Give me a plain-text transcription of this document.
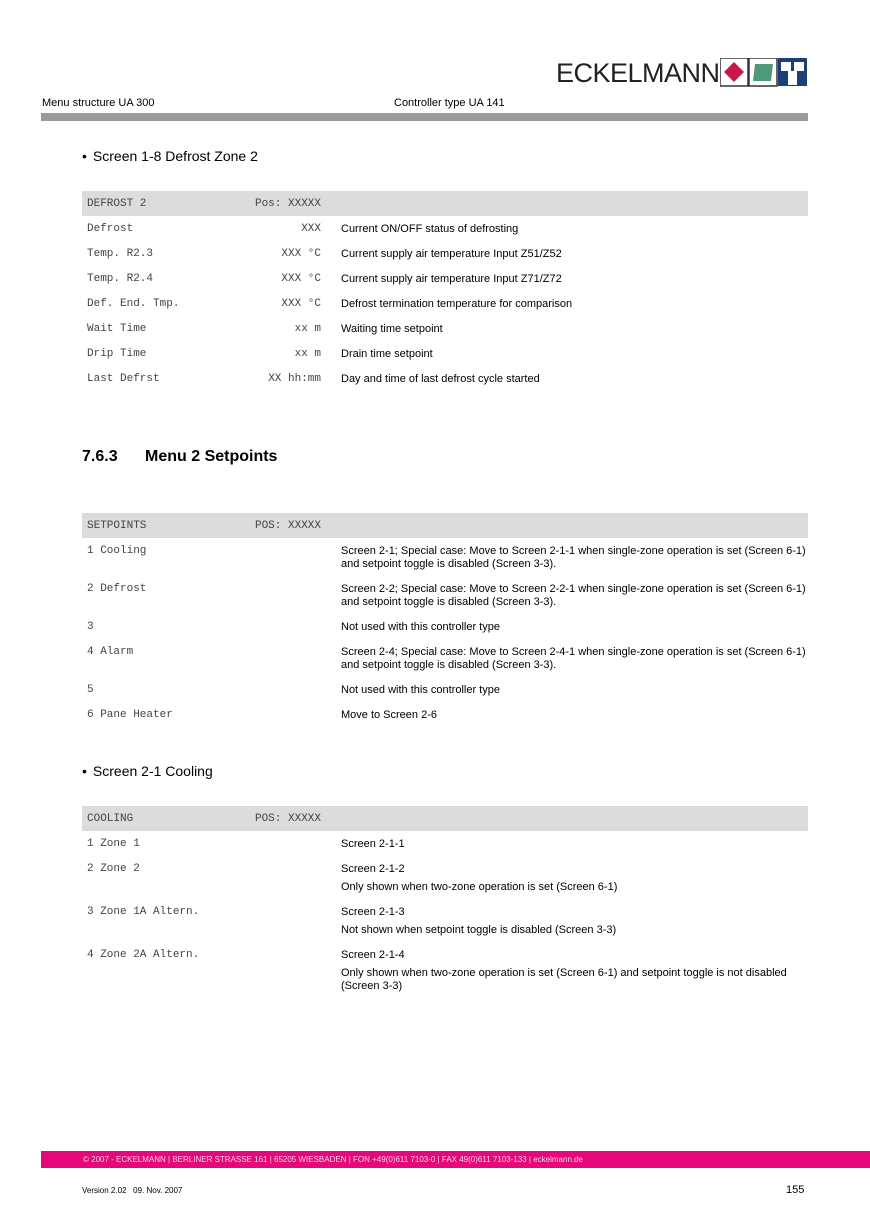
ECKELMANN
Menu structure UA 300	Controller type UA 141
• Screen 1-8 Defrost Zone 2
DEFROST 2	Pos: XXXXX	
Defrost	XXX	Current ON/OFF status of defrosting
Temp. R2.3	XXX °C	Current supply air temperature Input Z51/Z52
Temp. R2.4	XXX °C	Current supply air temperature Input Z71/Z72
Def. End. Tmp.	XXX °C	Defrost termination temperature for comparison
Wait Time	xx m	Waiting time setpoint
Drip Time	xx m	Drain time setpoint
Last Defrst	XX hh:mm	Day and time of last defrost cycle started
7.6.3 Menu 2 Setpoints
SETPOINTS	POS: XXXXX	
1 Cooling		Screen 2-1; Special case: Move to Screen 2-1-1 when single-zone operation is set (Screen 6-1) and setpoint toggle is disabled (Screen 3-3).
2 Defrost		Screen 2-2; Special case: Move to Screen 2-2-1 when single-zone operation is set (Screen 6-1) and setpoint toggle is disabled (Screen 3-3).
3		Not used with this controller type
4 Alarm		Screen 2-4; Special case: Move to Screen 2-4-1 when single-zone operation is set (Screen 6-1) and setpoint toggle is disabled (Screen 3-3).
5		Not used with this controller type
6 Pane Heater		Move to Screen 2-6
• Screen 2-1 Cooling
COOLING	POS: XXXXX	
1 Zone 1		Screen 2-1-1

2 Zone 2		Screen 2-1-2

Only shown when two-zone operation is set (Screen 6-1)

3 Zone 1A Altern.		Screen 2-1-3

Not shown when setpoint toggle is disabled (Screen 3-3)

4 Zone 2A Altern.		Screen 2-1-4

Only shown when two-zone operation is set (Screen 6-1) and setpoint toggle is not disabled (Screen 3-3)

© 2007 - ECKELMANN | BERLINER STRASSE 161 | 65205 WIESBADEN | FON +49(0)611 7103-0 | FAX 49(0)611 7103-133 | eckelmann.de
Version 2.02   09. Nov. 2007	155
